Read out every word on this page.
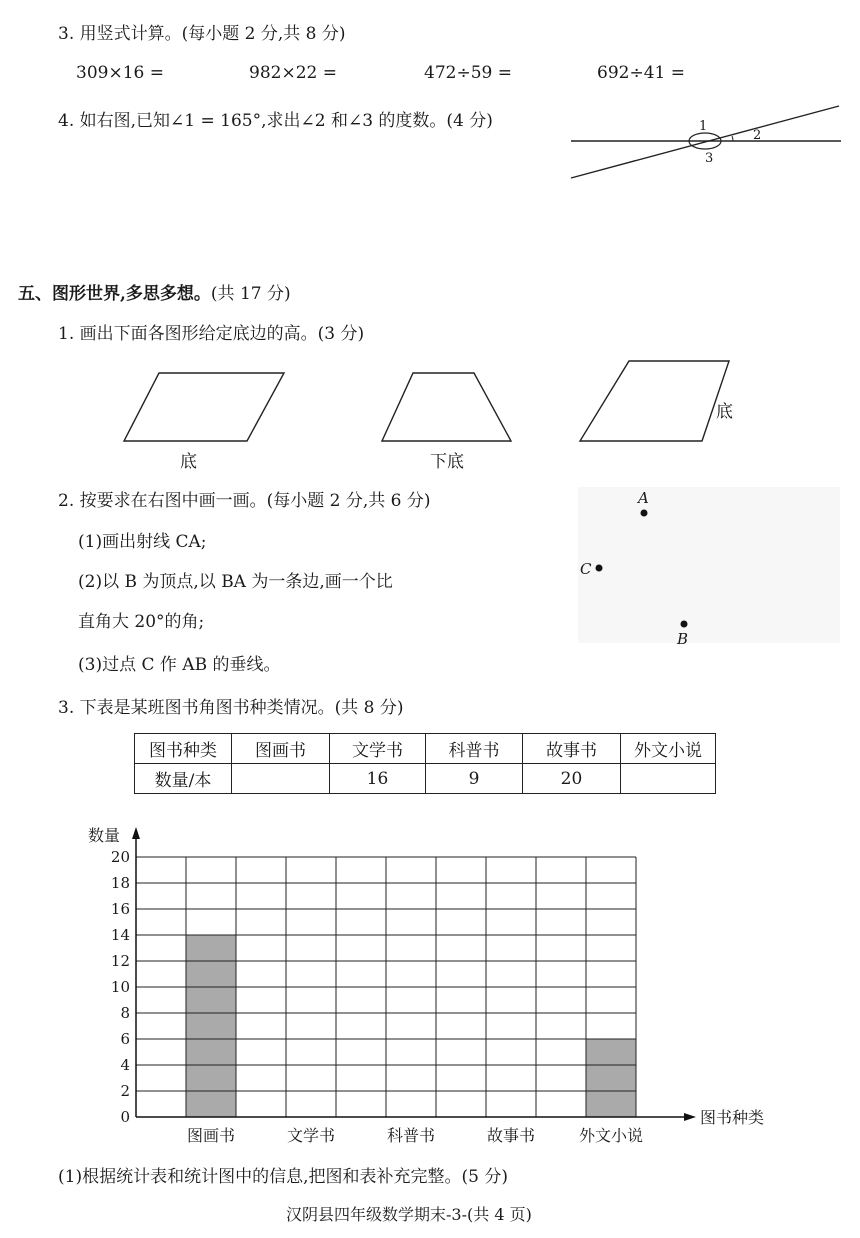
3. 用竖式计算。(每小题 2 分,共 8 分)
309×16 =	982×22 =	472÷59 =	692÷41 =
4. 如右图,已知∠1 = 165°,求出∠2 和∠3 的度数。(4 分)	1
2
3
五、图形世界,多思多想。(共 17 分)
1. 画出下面各图形给定底边的高。(3 分)
底	下底
底
2. 按要求在右图中画一画。(每小题 2 分,共 6 分)
(1)画出射线 CA;
(2)以 B 为顶点,以 BA 为一条边,画一个比
直角大 20°的角;
(3)过点 C 作 AB 的垂线。
A
C
B
3. 下表是某班图书角图书种类情况。(共 8 分)
图书种类	图画书	文学书	科普书	故事书	外文小说
数量/本		16	9	20	
0
2
4
6
8
10
12
14
16
18
20
图画书	文学书	科普书	故事书	外文小说
数量
图书种类
(1)根据统计表和统计图中的信息,把图和表补充完整。(5 分)
汉阴县四年级数学期末-3-(共 4 页)
